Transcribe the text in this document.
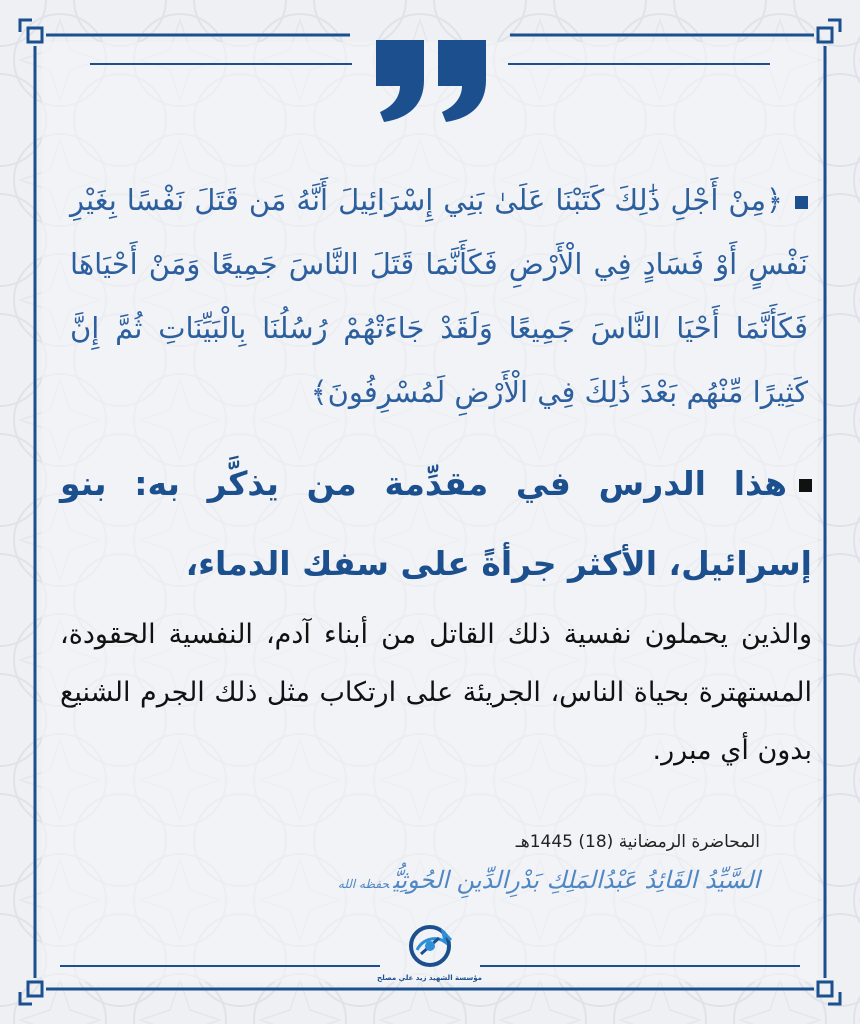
﴿مِنْ أَجْلِ ذَٰلِكَ كَتَبْنَا عَلَىٰ بَنِي إِسْرَائِيلَ أَنَّهُ مَن قَتَلَ نَفْسًا بِغَيْرِ نَفْسٍ أَوْ فَسَادٍ فِي الْأَرْضِ فَكَأَنَّمَا قَتَلَ النَّاسَ جَمِيعًا وَمَنْ أَحْيَاهَا فَكَأَنَّمَا أَحْيَا النَّاسَ جَمِيعًا وَلَقَدْ جَاءَتْهُمْ رُسُلُنَا بِالْبَيِّنَاتِ ثُمَّ إِنَّ كَثِيرًا مِّنْهُم بَعْدَ ذَٰلِكَ فِي الْأَرْضِ لَمُسْرِفُونَ﴾
هذا الدرس في مقدِّمة من يذكَّر به: بنو إسرائيل، الأكثر جرأةً على سفك الدماء،
والذين يحملون نفسية ذلك القاتل من أبناء آدم، النفسية الحقودة، المستهترة بحياة الناس، الجريئة على ارتكاب مثل ذلك الجرم الشنيع بدون أي مبرر.
المحاضرة الرمضانية (18) 1445هـ
السَّيِّدُ القَائِدُ عَبْدُالمَلِكِ بَدْرِالدِّينِ الحُوثِيُّحفظه الله
مؤسسة الشهيد زيد علي مصلح
